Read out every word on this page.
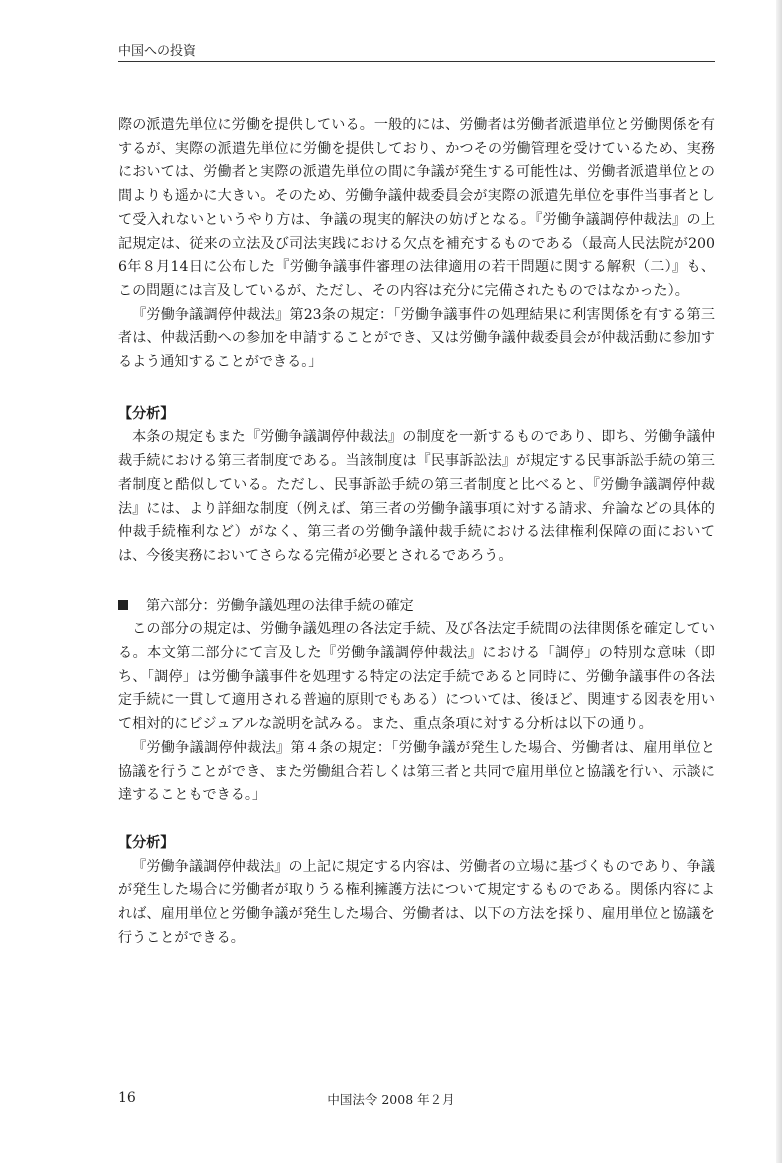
中国への投資

際の派遣先単位に労働を提供している。一般的には、労働者は労働者派遣単位と労働関係を有するが、実際の派遣先単位に労働を提供しており、かつその労働管理を受けているため、実務においては、労働者と実際の派遣先単位の間に争議が発生する可能性は、労働者派遣単位との間よりも遥かに大きい。そのため、労働争議仲裁委員会が実際の派遣先単位を事件当事者として受入れないというやり方は、争議の現実的解決の妨げとなる。『労働争議調停仲裁法』の上記規定は、従来の立法及び司法実践における欠点を補充するものである（最高人民法院が2006年８月14日に公布した『労働争議事件審理の法律適用の若干問題に関する解釈（二）』も、この問題には言及しているが、ただし、その内容は充分に完備されたものではなかった）。

『労働争議調停仲裁法』第23条の規定：「労働争議事件の処理結果に利害関係を有する第三者は、仲裁活動への参加を申請することができ、又は労働争議仲裁委員会が仲裁活動に参加するよう通知することができる。」

【分析】

本条の規定もまた『労働争議調停仲裁法』の制度を一新するものであり、即ち、労働争議仲裁手続における第三者制度である。当該制度は『民事訴訟法』が規定する民事訴訟手続の第三者制度と酷似している。ただし、民事訴訟手続の第三者制度と比べると、『労働争議調停仲裁法』には、より詳細な制度（例えば、第三者の労働争議事項に対する請求、弁論などの具体的仲裁手続権利など）がなく、第三者の労働争議仲裁手続における法律権利保障の面においては、今後実務においてさらなる完備が必要とされるであろう。

第六部分：労働争議処理の法律手続の確定

この部分の規定は、労働争議処理の各法定手続、及び各法定手続間の法律関係を確定している。本文第二部分にて言及した『労働争議調停仲裁法』における「調停」の特別な意味（即ち、「調停」は労働争議事件を処理する特定の法定手続であると同時に、労働争議事件の各法定手続に一貫して適用される普遍的原則でもある）については、後ほど、関連する図表を用いて相対的にビジュアルな説明を試みる。また、重点条項に対する分析は以下の通り。

『労働争議調停仲裁法』第４条の規定：「労働争議が発生した場合、労働者は、雇用単位と協議を行うことができ、また労働組合若しくは第三者と共同で雇用単位と協議を行い、示談に達することもできる。」

【分析】

『労働争議調停仲裁法』の上記に規定する内容は、労働者の立場に基づくものであり、争議が発生した場合に労働者が取りうる権利擁護方法について規定するものである。関係内容によれば、雇用単位と労働争議が発生した場合、労働者は、以下の方法を採り、雇用単位と協議を行うことができる。

16	中国法令 2008 年２月
